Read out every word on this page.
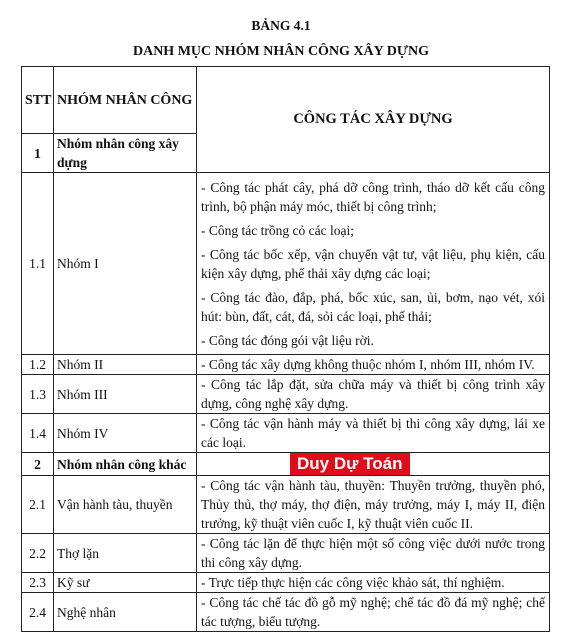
BẢNG 4.1
DANH MỤC NHÓM NHÂN CÔNG XÂY DỰNG
STT	NHÓM NHÂN CÔNG	CÔNG TÁC XÂY DỰNG
1	Nhóm nhân công xây dựng	
1.1	Nhóm I	- Công tác phát cây, phá dỡ công trình, tháo dỡ kết cấu công trình, bộ phận máy móc, thiết bị công trình;

- Công tác trồng cỏ các loại;

- Công tác bốc xếp, vận chuyển vật tư, vật liệu, phụ kiện, cấu kiện xây dựng, phế thải xây dựng các loại;

- Công tác đào, đắp, phá, bốc xúc, san, ủi, bơm, nạo vét, xói hút: bùn, đất, cát, đá, sỏi các loại, phế thải;

- Công tác đóng gói vật liệu rời.

1.2	Nhóm II	- Công tác xây dựng không thuộc nhóm I, nhóm III, nhóm IV.

1.3	Nhóm III	- Công tác lắp đặt, sửa chữa máy và thiết bị công trình xây dựng, công nghệ xây dựng.

1.4	Nhóm IV	- Công tác vận hành máy và thiết bị thi công xây dựng, lái xe các loại.

2	Nhóm nhân công khác	Duy Dự Toán
2.1	Vận hành tàu, thuyền	- Công tác vận hành tàu, thuyền: Thuyền trưởng, thuyền phó, Thủy thủ, thợ máy, thợ điện, máy trưởng, máy I, máy II, điện trưởng, kỹ thuật viên cuốc I, kỹ thuật viên cuốc II.

2.2	Thợ lặn	- Công tác lặn để thực hiện một số công việc dưới nước trong thi công xây dựng.

2.3	Kỹ sư	- Trực tiếp thực hiện các công việc khảo sát, thí nghiệm.

2.4	Nghệ nhân	- Công tác chế tác đồ gỗ mỹ nghệ; chế tác đồ đá mỹ nghệ; chế tác tượng, biểu tượng.
